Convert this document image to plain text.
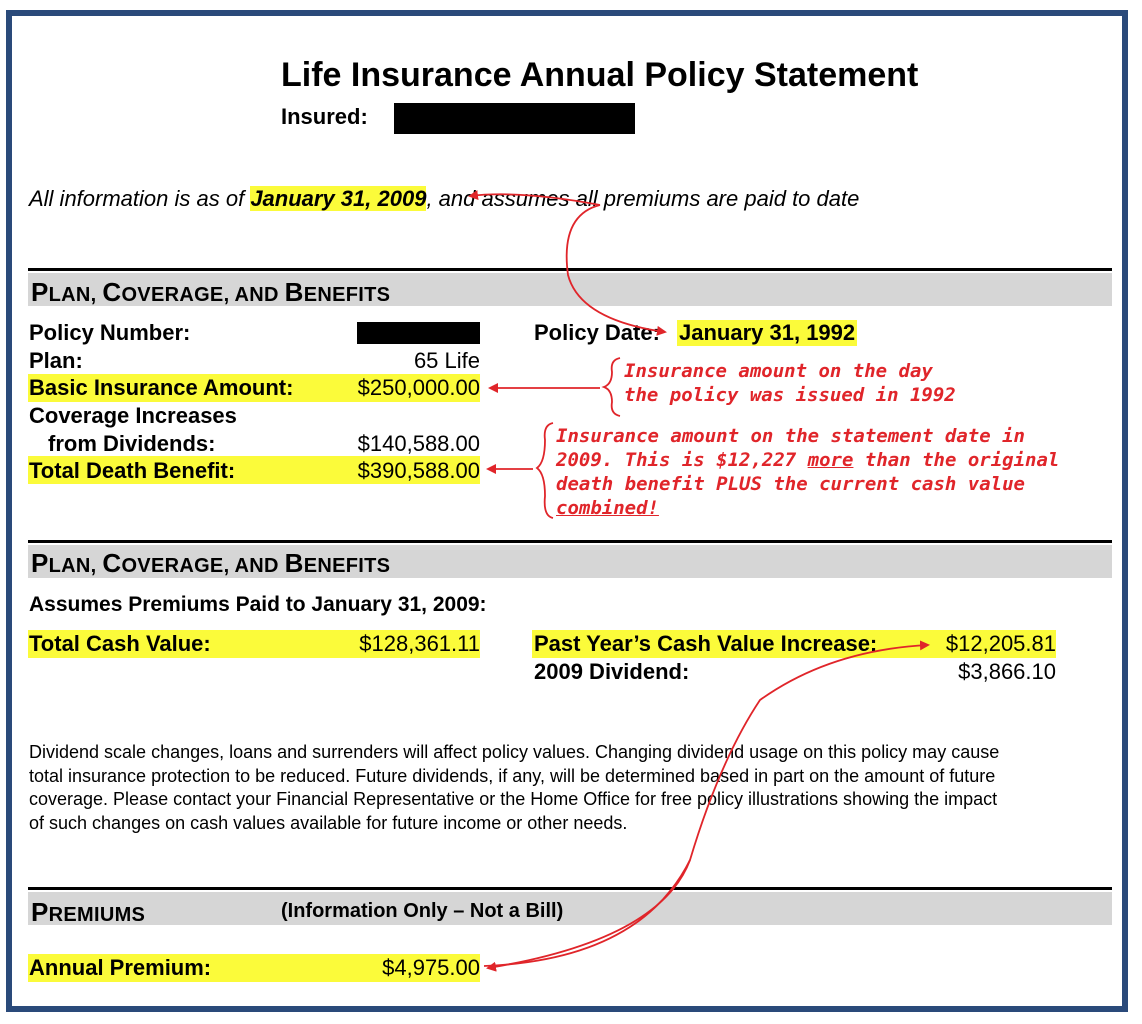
Life Insurance Annual Policy Statement
Insured:
All information is as of January 31, 2009, and assumes all premiums are paid to date
PLAN, COVERAGE, AND BENEFITS
Policy Number:
Plan:	65 Life
Basic Insurance Amount:	$250,000.00
Coverage Increases
from Dividends:	$140,588.00
Total Death Benefit:	$390,588.00
Policy Date: January 31, 1992
PLAN, COVERAGE, AND BENEFITS
Assumes Premiums Paid to January 31, 2009:
Total Cash Value:	$128,361.11 Past Year’s Cash Value Increase:	$12,205.81
2009 Dividend:	$3,866.10
Dividend scale changes, loans and surrenders will affect policy values. Changing dividend usage on this policy may cause
total insurance protection to be reduced. Future dividends, if any, will be determined based in part on the amount of future
coverage. Please contact your Financial Representative or the Home Office for free policy illustrations showing the impact
of such changes on cash values available for future income or other needs.
PREMIUMS	(Information Only – Not a Bill)
Annual Premium:	$4,975.00
Insurance amount on the day
the policy was issued in 1992
Insurance amount on the statement date in
2009. This is $12,227 more than the original
death benefit PLUS the current cash value
combined!
